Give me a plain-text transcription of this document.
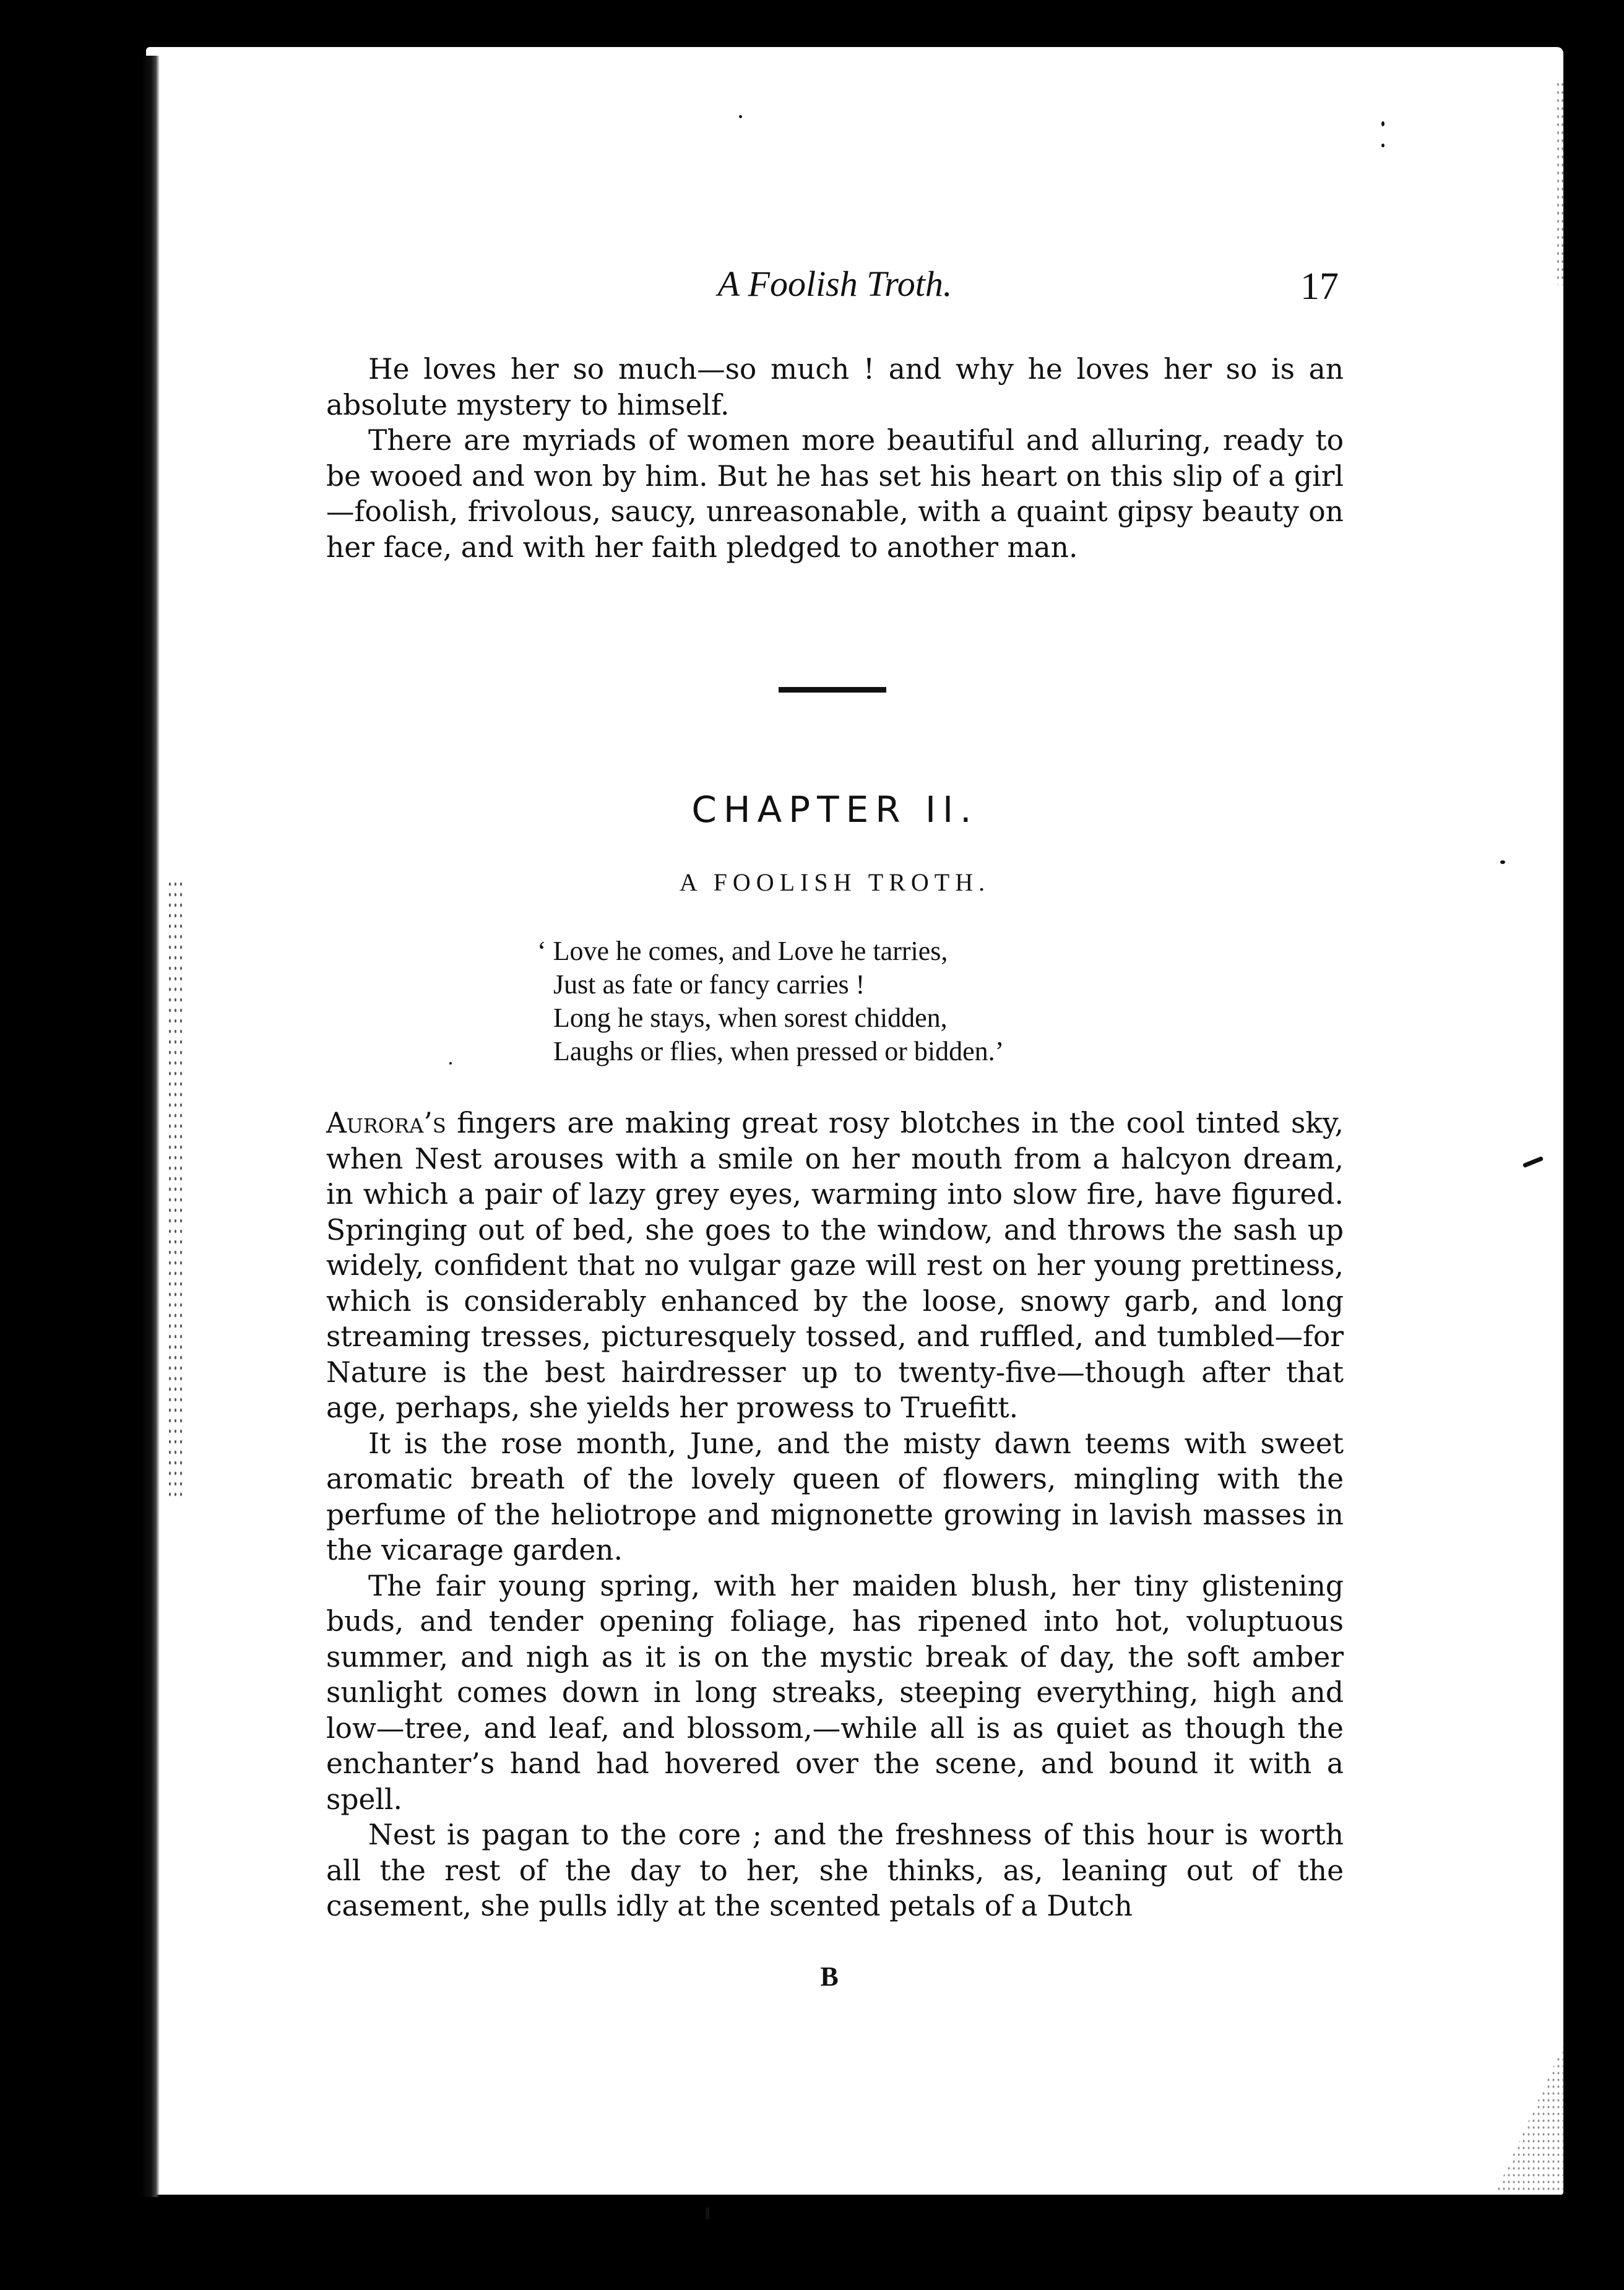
A Foolish Troth.	17

He loves her so much—so much ! and why he loves her so is an absolute mystery to himself.

There are myriads of women more beautiful and alluring, ready to be wooed and won by him. But he has set his heart on this slip of a girl—foolish, frivolous, saucy, unreasonable, with a quaint gipsy beauty on her face, and with her faith pledged to another man.

CHAPTER II.
A FOOLISH TROTH.
‘ Love he comes, and Love he tarries,
Just as fate or fancy carries !
Long he stays, when sorest chidden,
Laughs or flies, when pressed or bidden.’

Aurora’s fingers are making great rosy blotches in the cool tinted sky, when Nest arouses with a smile on her mouth from a halcyon dream, in which a pair of lazy grey eyes, warming into slow fire, have figured. Springing out of bed, she goes to the window, and throws the sash up widely, confident that no vulgar gaze will rest on her young prettiness, which is considerably enhanced by the loose, snowy garb, and long streaming tresses, picturesquely tossed, and ruffled, and tumbled—for Nature is the best hairdresser up to twenty-five—though after that age, perhaps, she yields her prowess to Truefitt.

It is the rose month, June, and the misty dawn teems with sweet aromatic breath of the lovely queen of flowers, mingling with the perfume of the heliotrope and mignonette growing in lavish masses in the vicarage garden.

The fair young spring, with her maiden blush, her tiny glistening buds, and tender opening foliage, has ripened into hot, voluptuous summer, and nigh as it is on the mystic break of day, the soft amber sunlight comes down in long streaks, steeping everything, high and low—tree, and leaf, and blossom,—while all is as quiet as though the enchanter’s hand had hovered over the scene, and bound it with a spell.

Nest is pagan to the core ; and the freshness of this hour is worth all the rest of the day to her, she thinks, as, leaning out of the casement, she pulls idly at the scented petals of a Dutch

B
